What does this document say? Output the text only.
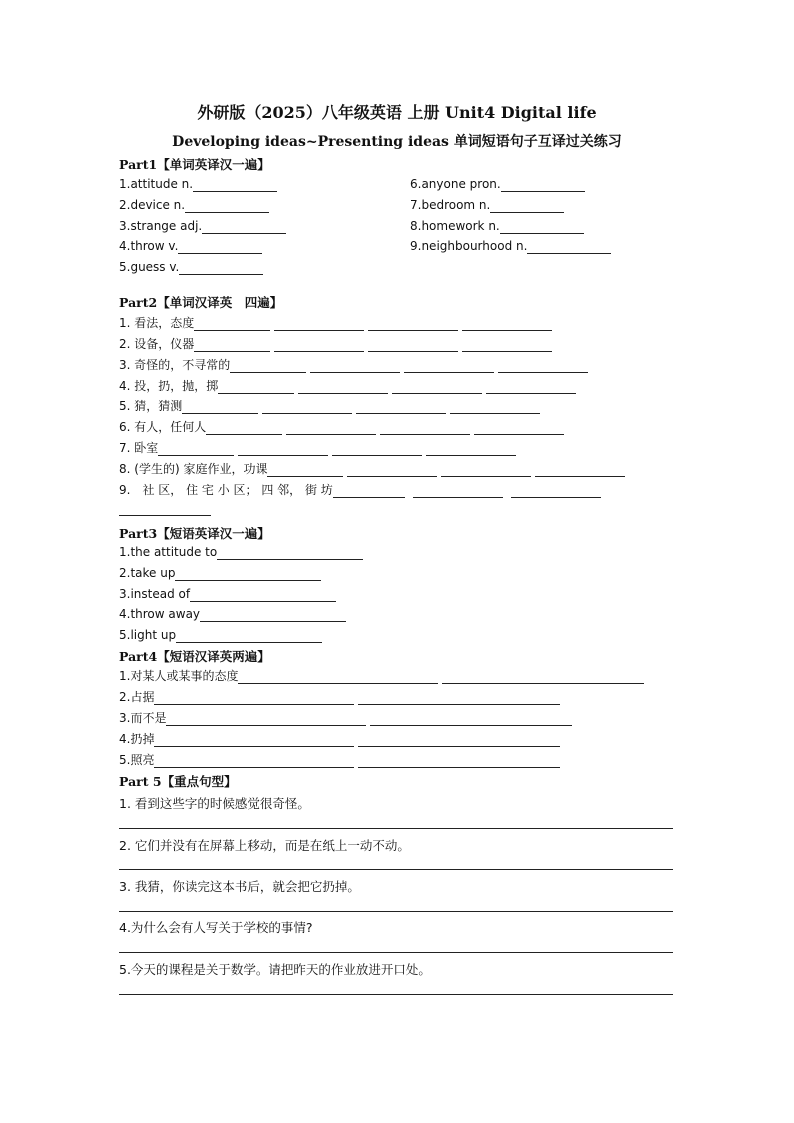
外研版（2025）八年级英语 上册 Unit4 Digital life
Developing ideas~Presenting ideas 单词短语句子互译过关练习
Part1【单词英译汉一遍】
1.attitude n.
2.device n.
3.strange adj.
4.throw v.
5.guess v.
6.anyone pron.
7.bedroom n.
8.homework n.
9.neighbourhood n.
Part2【单词汉译英　四遍】
1. 看法，态度
2. 设备，仪器
3. 奇怪的，不寻常的
4. 投，扔，抛，掷
5. 猜，猜测
6. 有人，任何人
7. 卧室
8. (学生的) 家庭作业，功课
9.　社 区， 住 宅 小 区； 四 邻， 街 坊
Part3【短语英译汉一遍】
1.the attitude to
2.take up
3.instead of
4.throw away
5.light up
Part4【短语汉译英两遍】
1.对某人或某事的态度
2.占据
3.而不是
4.扔掉
5.照亮
Part 5【重点句型】
1. 看到这些字的时候感觉很奇怪。
2. 它们并没有在屏幕上移动，而是在纸上一动不动。
3. 我猜，你读完这本书后，就会把它扔掉。
4.为什么会有人写关于学校的事情?
5.今天的课程是关于数学。请把昨天的作业放进开口处。
